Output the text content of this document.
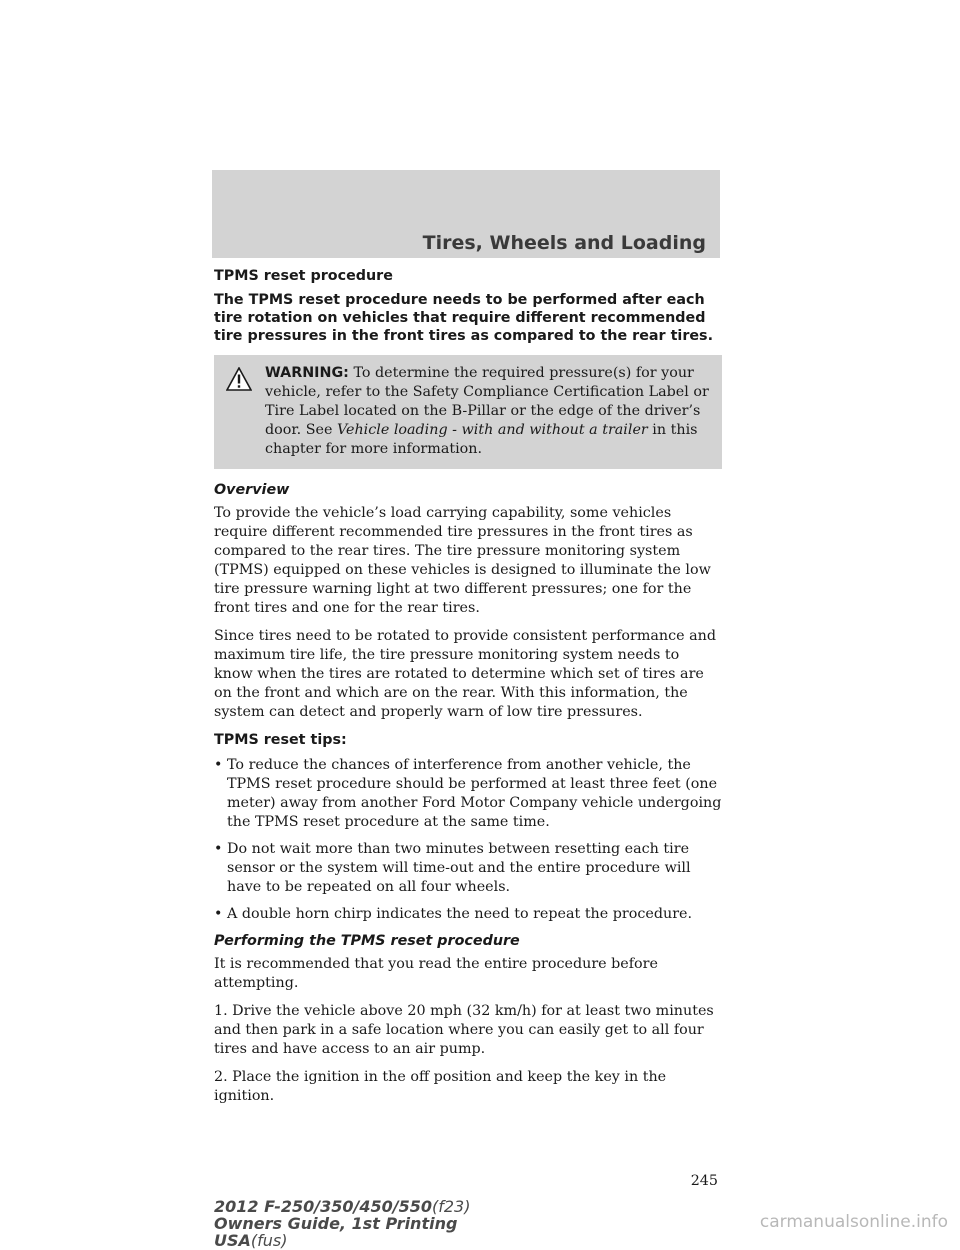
Tires, Wheels and Loading
TPMS reset procedure
The TPMS reset procedure needs to be performed after each tire rotation on vehicles that require different recommended tire pressures in the front tires as compared to the rear tires.
WARNING: To determine the required pressure(s) for your vehicle, refer to the Safety Compliance Certification Label or Tire Label located on the B-Pillar or the edge of the driver’s door. See Vehicle loading - with and without a trailer in this chapter for more information.
Overview

To provide the vehicle’s load carrying capability, some vehicles require different recommended tire pressures in the front tires as compared to the rear tires. The tire pressure monitoring system (TPMS) equipped on these vehicles is designed to illuminate the low tire pressure warning light at two different pressures; one for the front tires and one for the rear tires.

Since tires need to be rotated to provide consistent performance and maximum tire life, the tire pressure monitoring system needs to know when the tires are rotated to determine which set of tires are on the front and which are on the rear. With this information, the system can detect and properly warn of low tire pressures.

TPMS reset tips:
• To reduce the chances of interference from another vehicle, the TPMS reset procedure should be performed at least three feet (one meter) away from another Ford Motor Company vehicle undergoing the TPMS reset procedure at the same time.
• Do not wait more than two minutes between resetting each tire sensor or the system will time-out and the entire procedure will have to be repeated on all four wheels.
• A double horn chirp indicates the need to repeat the procedure.
Performing the TPMS reset procedure

It is recommended that you read the entire procedure before attempting.

1. Drive the vehicle above 20 mph (32 km/h) for at least two minutes and then park in a safe location where you can easily get to all four tires and have access to an air pump.

2. Place the ignition in the off position and keep the key in the ignition.

245
2012 F-250/350/450/550(f23)
Owners Guide, 1st Printing
USA(fus)
carmanualsonline.info
